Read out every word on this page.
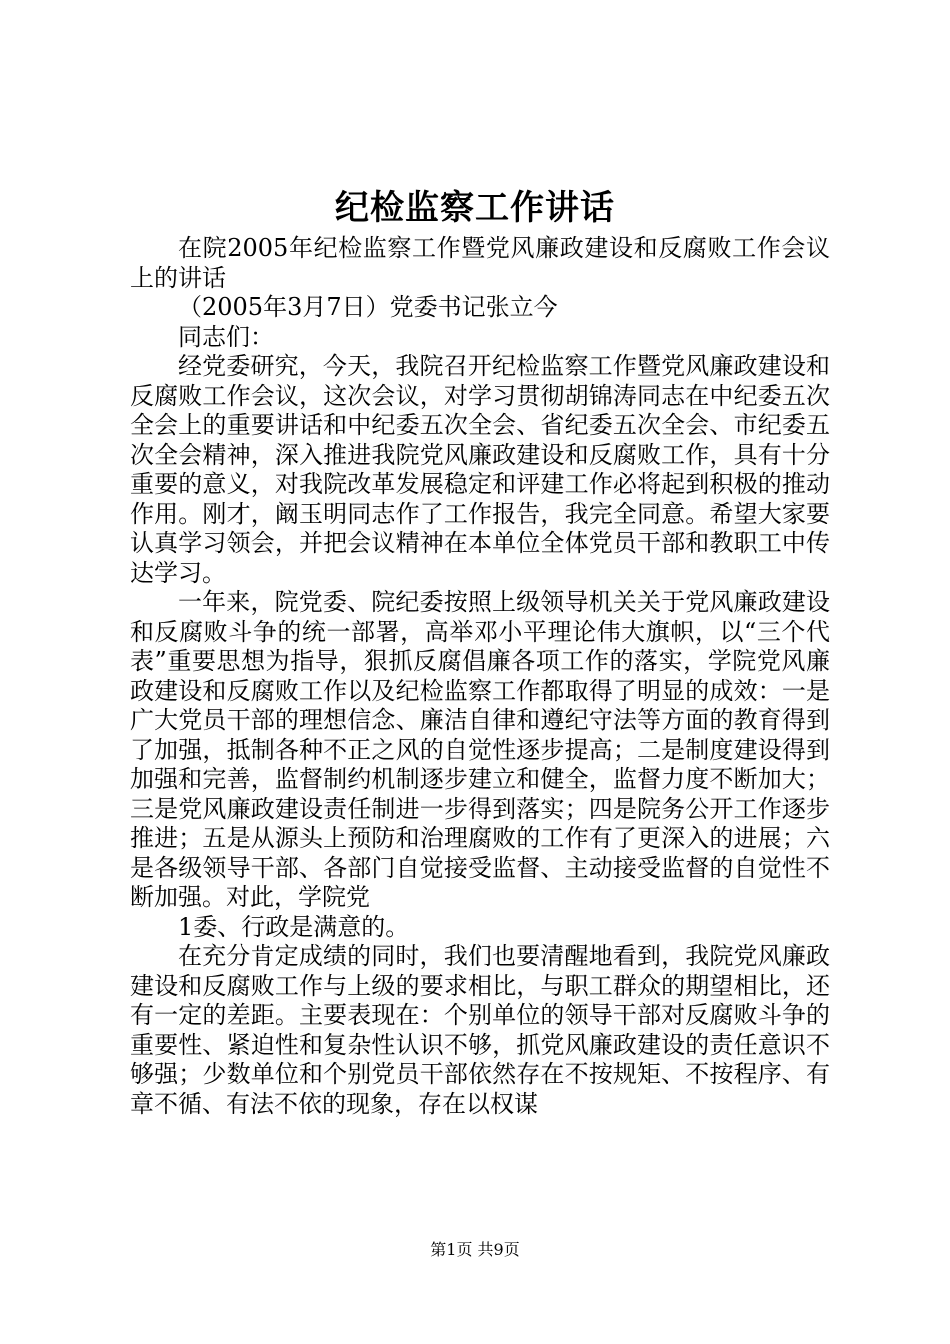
纪检监察工作讲话

在院2005年纪检监察工作暨党风廉政建设和反腐败工作会议上的讲话

（2005年3月7日）党委书记张立今

同志们：

经党委研究，今天，我院召开纪检监察工作暨党风廉政建设和反腐败工作会议，这次会议，对学习贯彻胡锦涛同志在中纪委五次全会上的重要讲话和中纪委五次全会、省纪委五次全会、市纪委五次全会精神，深入推进我院党风廉政建设和反腐败工作，具有十分重要的意义，对我院改革发展稳定和评建工作必将起到积极的推动作用。刚才，阚玉明同志作了工作报告，我完全同意。希望大家要认真学习领会，并把会议精神在本单位全体党员干部和教职工中传达学习。

一年来，院党委、院纪委按照上级领导机关关于党风廉政建设和反腐败斗争的统一部署，高举邓小平理论伟大旗帜，以“三个代表”重要思想为指导，狠抓反腐倡廉各项工作的落实，学院党风廉政建设和反腐败工作以及纪检监察工作都取得了明显的成效：一是广大党员干部的理想信念、廉洁自律和遵纪守法等方面的教育得到了加强，抵制各种不正之风的自觉性逐步提高；二是制度建设得到加强和完善，监督制约机制逐步建立和健全，监督力度不断加大；三是党风廉政建设责任制进一步得到落实；四是院务公开工作逐步推进；五是从源头上预防和治理腐败的工作有了更深入的进展；六是各级领导干部、各部门自觉接受监督、主动接受监督的自觉性不断加强。对此，学院党

1委、行政是满意的。

在充分肯定成绩的同时，我们也要清醒地看到，我院党风廉政建设和反腐败工作与上级的要求相比，与职工群众的期望相比，还有一定的差距。主要表现在：个别单位的领导干部对反腐败斗争的重要性、紧迫性和复杂性认识不够，抓党风廉政建设的责任意识不够强；少数单位和个别党员干部依然存在不按规矩、不按程序、有章不循、有法不依的现象，存在以权谋

第1页 共9页
